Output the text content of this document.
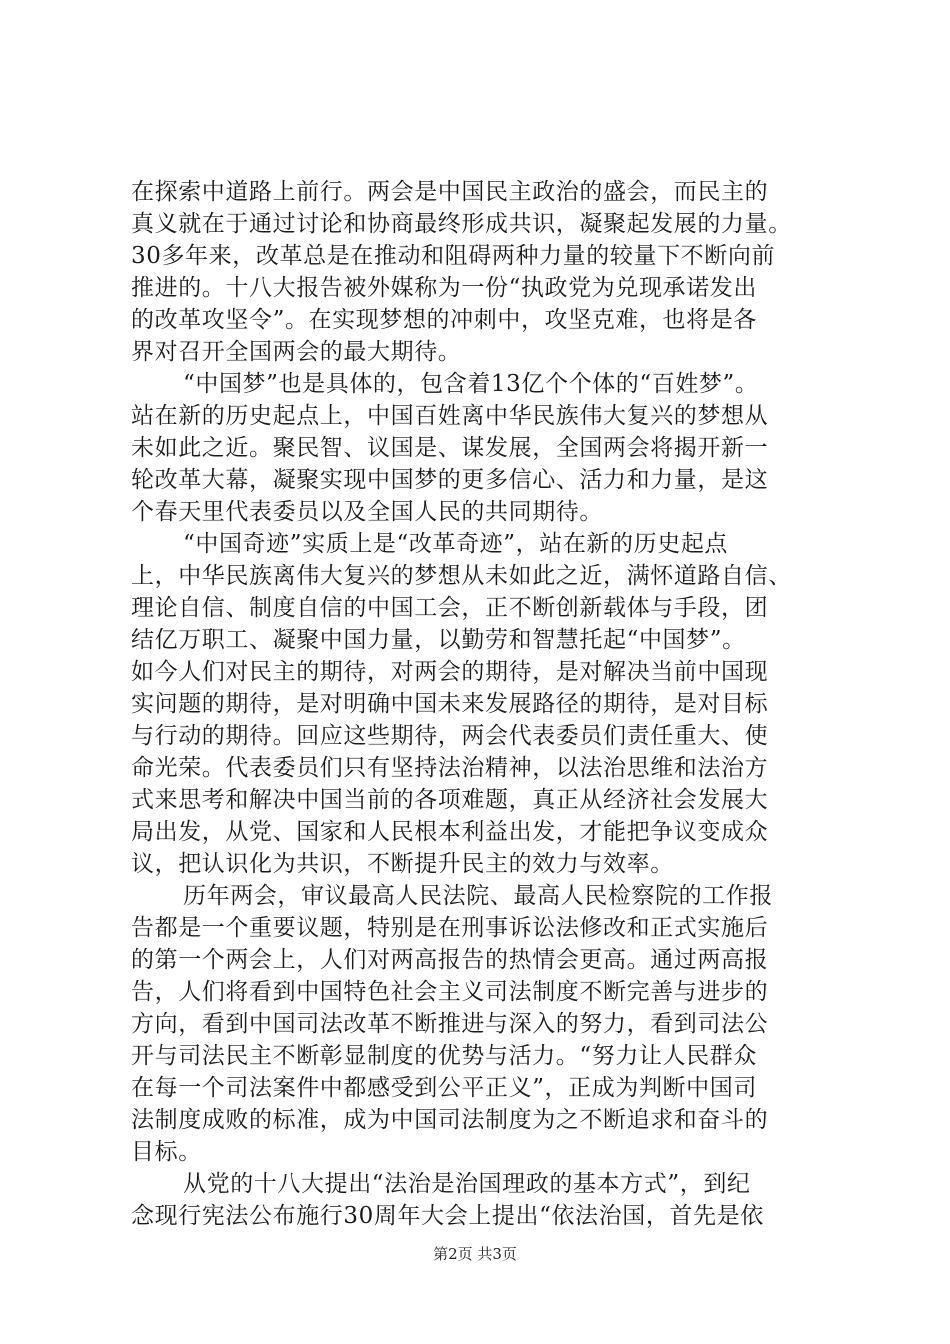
在探索中道路上前行。两会是中国民主政治的盛会，而民主的
真义就在于通过讨论和协商最终形成共识，凝聚起发展的力量。
30多年来，改革总是在推动和阻碍两种力量的较量下不断向前
推进的。十八大报告被外媒称为一份“执政党为兑现承诺发出
的改革攻坚令”。在实现梦想的冲刺中，攻坚克难，也将是各
界对召开全国两会的最大期待。
“中国梦”也是具体的，包含着13亿个个体的“百姓梦”。
站在新的历史起点上，中国百姓离中华民族伟大复兴的梦想从
未如此之近。聚民智、议国是、谋发展，全国两会将揭开新一
轮改革大幕，凝聚实现中国梦的更多信心、活力和力量，是这
个春天里代表委员以及全国人民的共同期待。
“中国奇迹”实质上是“改革奇迹”，站在新的历史起点
上，中华民族离伟大复兴的梦想从未如此之近，满怀道路自信、
理论自信、制度自信的中国工会，正不断创新载体与手段，团
结亿万职工、凝聚中国力量，以勤劳和智慧托起“中国梦”。
如今人们对民主的期待，对两会的期待，是对解决当前中国现
实问题的期待，是对明确中国未来发展路径的期待，是对目标
与行动的期待。回应这些期待，两会代表委员们责任重大、使
命光荣。代表委员们只有坚持法治精神，以法治思维和法治方
式来思考和解决中国当前的各项难题，真正从经济社会发展大
局出发，从党、国家和人民根本利益出发，才能把争议变成众
议，把认识化为共识，不断提升民主的效力与效率。
历年两会，审议最高人民法院、最高人民检察院的工作报
告都是一个重要议题，特别是在刑事诉讼法修改和正式实施后
的第一个两会上，人们对两高报告的热情会更高。通过两高报
告，人们将看到中国特色社会主义司法制度不断完善与进步的
方向，看到中国司法改革不断推进与深入的努力，看到司法公
开与司法民主不断彰显制度的优势与活力。“努力让人民群众
在每一个司法案件中都感受到公平正义”，正成为判断中国司
法制度成败的标准，成为中国司法制度为之不断追求和奋斗的
目标。
从党的十八大提出“法治是治国理政的基本方式”，到纪
念现行宪法公布施行30周年大会上提出“依法治国，首先是依
第2页 共3页
